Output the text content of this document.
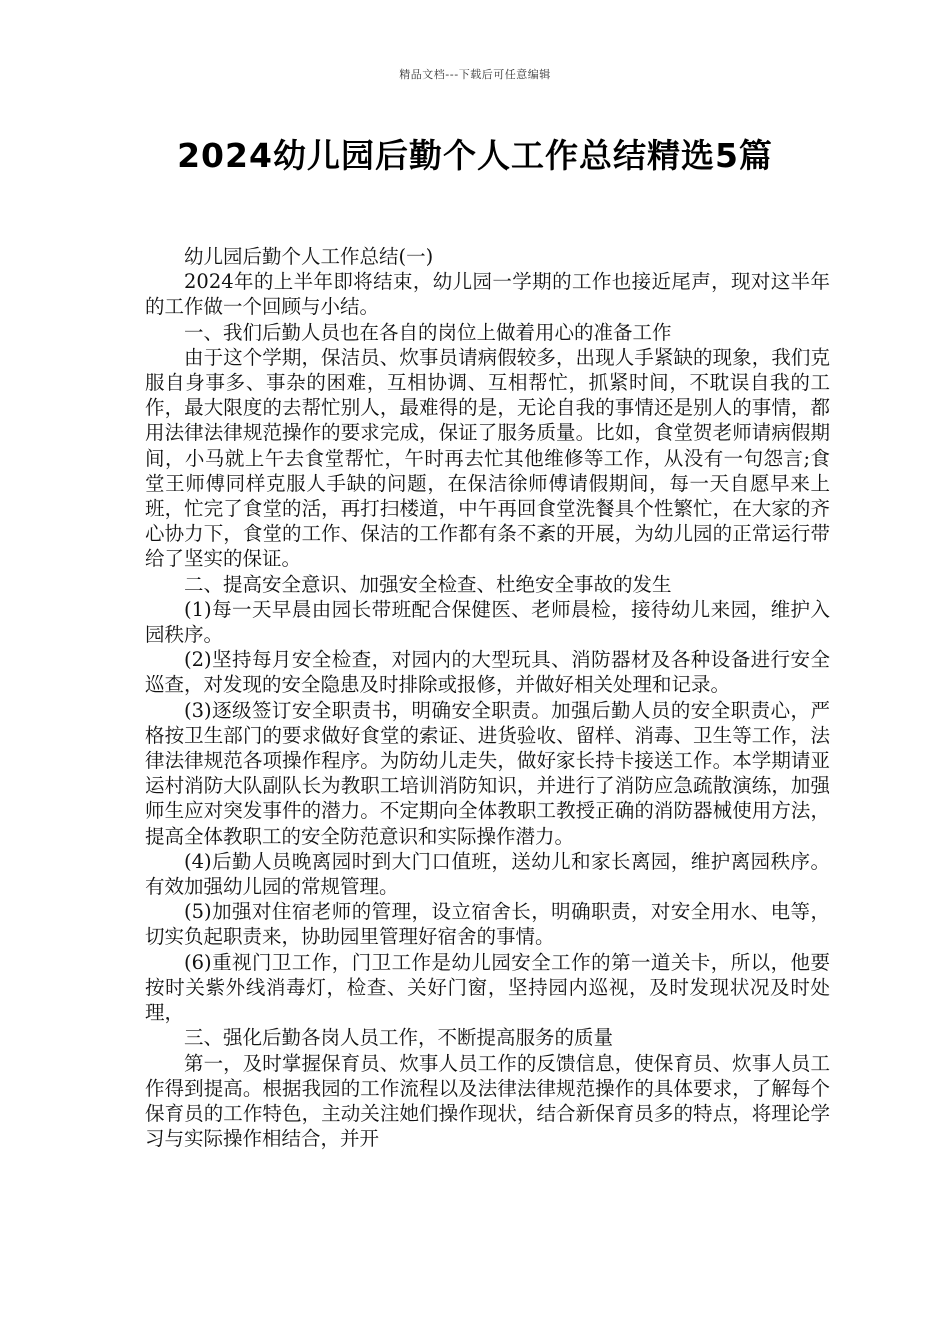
精品文档---下载后可任意编辑
2024幼儿园后勤个人工作总结精选5篇

幼儿园后勤个人工作总结(一)

2024年的上半年即将结束，幼儿园一学期的工作也接近尾声，现对这半年的工作做一个回顾与小结。

一、我们后勤人员也在各自的岗位上做着用心的准备工作

由于这个学期，保洁员、炊事员请病假较多，出现人手紧缺的现象，我们克服自身事多、事杂的困难，互相协调、互相帮忙，抓紧时间，不耽误自我的工作，最大限度的去帮忙别人，最难得的是，无论自我的事情还是别人的事情，都用法律法律规范操作的要求完成，保证了服务质量。比如，食堂贺老师请病假期间，小马就上午去食堂帮忙，午时再去忙其他维修等工作，从没有一句怨言;食堂王师傅同样克服人手缺的问题，在保洁徐师傅请假期间，每一天自愿早来上班，忙完了食堂的活，再打扫楼道，中午再回食堂洗餐具个性繁忙，在大家的齐心协力下，食堂的工作、保洁的工作都有条不紊的开展，为幼儿园的正常运行带给了坚实的保证。

二、提高安全意识、加强安全检查、杜绝安全事故的发生

(1)每一天早晨由园长带班配合保健医、老师晨检，接待幼儿来园，维护入园秩序。

(2)坚持每月安全检查，对园内的大型玩具、消防器材及各种设备进行安全巡查，对发现的安全隐患及时排除或报修，并做好相关处理和记录。

(3)逐级签订安全职责书，明确安全职责。加强后勤人员的安全职责心，严格按卫生部门的要求做好食堂的索证、进货验收、留样、消毒、卫生等工作，法律法律规范各项操作程序。为防幼儿走失，做好家长持卡接送工作。本学期请亚运村消防大队副队长为教职工培训消防知识，并进行了消防应急疏散演练，加强师生应对突发事件的潜力。不定期向全体教职工教授正确的消防器械使用方法，提高全体教职工的安全防范意识和实际操作潜力。

(4)后勤人员晚离园时到大门口值班，送幼儿和家长离园，维护离园秩序。有效加强幼儿园的常规管理。

(5)加强对住宿老师的管理，设立宿舍长，明确职责，对安全用水、电等，切实负起职责来，协助园里管理好宿舍的事情。

(6)重视门卫工作，门卫工作是幼儿园安全工作的第一道关卡，所以，他要按时关紫外线消毒灯，检查、关好门窗，坚持园内巡视，及时发现状况及时处理，

三、强化后勤各岗人员工作，不断提高服务的质量

第一，及时掌握保育员、炊事人员工作的反馈信息，使保育员、炊事人员工作得到提高。根据我园的工作流程以及法律法律规范操作的具体要求，了解每个保育员的工作特色，主动关注她们操作现状，结合新保育员多的特点，将理论学习与实际操作相结合，并开
